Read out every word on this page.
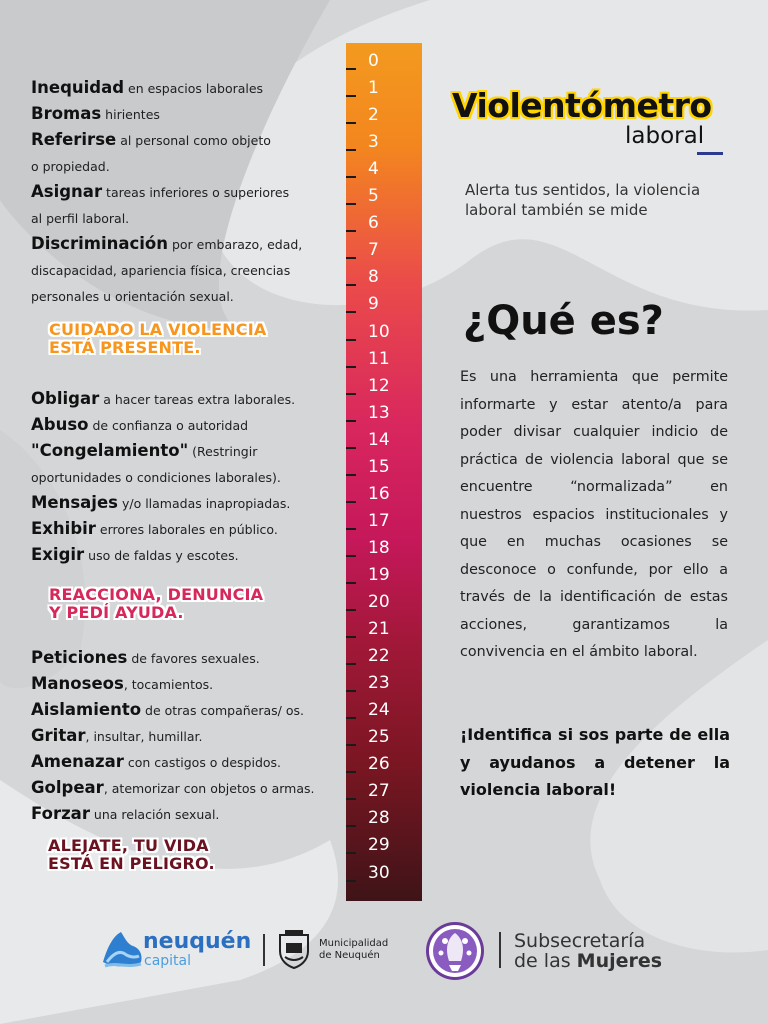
Inequidad en espacios laborales
Bromas hirientes
Referirse al personal como objeto
o propiedad.
Asignar tareas inferiores o superiores
al perfil laboral.
Discriminación por embarazo, edad,
discapacidad, apariencia física, creencias
personales u orientación sexual.
CUIDADO LA VIOLENCIA
ESTÁ PRESENTE.
Obligar a hacer tareas extra laborales.
Abuso de confianza o autoridad
"Congelamiento" (Restringir
oportunidades o condiciones laborales).
Mensajes y/o llamadas inapropiadas.
Exhibir errores laborales en público.
Exigir uso de faldas y escotes.
REACCIONA, DENUNCIA
Y PEDÍ AYUDA.
Peticiones de favores sexuales.
Manoseos, tocamientos.
Aislamiento de otras compañeras/ os.
Gritar, insultar, humillar.
Amenazar con castigos o despidos.
Golpear, atemorizar con objetos o armas.
Forzar una relación sexual.
ALEJATE, TU VIDA
ESTÁ EN PELIGRO.
0
1
2
3
4
5
6
7
8
9
10
11
12
13
14
15
16
17
18
19
20
21
22
23
24
25
26
27
28
29
30
Violentómetro
laboral
Alerta tus sentidos, la violencia laboral también se mide
¿Qué es?
Es una herramienta que permite informarte y estar atento/a para poder divisar cualquier indicio de práctica de violencia laboral que se encuentre “normalizada” en nuestros espacios institucionales y que en muchas ocasiones se desconoce o confunde, por ello a través de la identificación de estas acciones, garantizamos la convivencia en el ámbito laboral.
¡Identifica si sos parte de ella y ayudanos a detener la violencia laboral!
neuquén
capital
Municipalidad
de Neuquén
Subsecretaría
de las Mujeres
